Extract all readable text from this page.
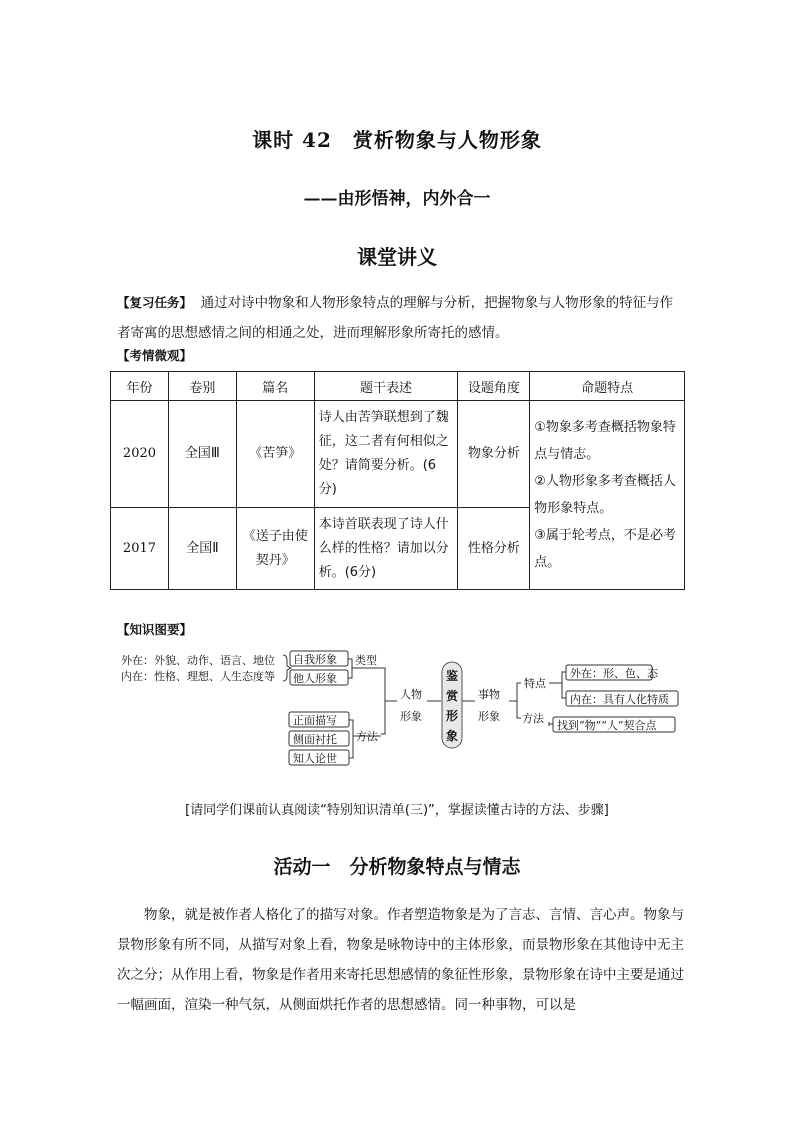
课时 42　赏析物象与人物形象
——由形悟神，内外合一
课堂讲义
【复习任务】 通过对诗中物象和人物形象特点的理解与分析，把握物象与人物形象的特征与作者寄寓的思想感情之间的相通之处，进而理解形象所寄托的感情。
【考情微观】
年份	卷别	篇名	题干表述	设题角度	命题特点
2020	全国Ⅲ	《苦笋》	诗人由苦笋联想到了魏征，这二者有何相似之处？请简要分析。(6分)	物象分析	①物象多考查概括物象特点与情志。
②人物形象多考查概括人物形象特点。
③属于轮考点，不是必考点。

2017	全国Ⅱ	《送子由使契丹》	本诗首联表现了诗人什么样的性格？请加以分析。(6分)	性格分析	
【知识图要】
外在：外貌、动作、语言、地位
内在：性格、理想、人生态度等
自我形象
他人形象
类型
正面描写
侧面衬托
知人论世
方法
人物
形象
鉴
赏
形
象
事物
形象
特点
方法
外在：形、色、态
内在：具有人化特质
找到“物”“人”契合点
[请同学们课前认真阅读“特别知识清单(三)”，掌握读懂古诗的方法、步骤]
活动一　分析物象特点与情志
物象，就是被作者人格化了的描写对象。作者塑造物象是为了言志、言情、言心声。物象与景物形象有所不同，从描写对象上看，物象是咏物诗中的主体形象，而景物形象在其他诗中无主次之分；从作用上看，物象是作者用来寄托思想感情的象征性形象，景物形象在诗中主要是通过一幅画面，渲染一种气氛，从侧面烘托作者的思想感情。同一种事物，可以是
